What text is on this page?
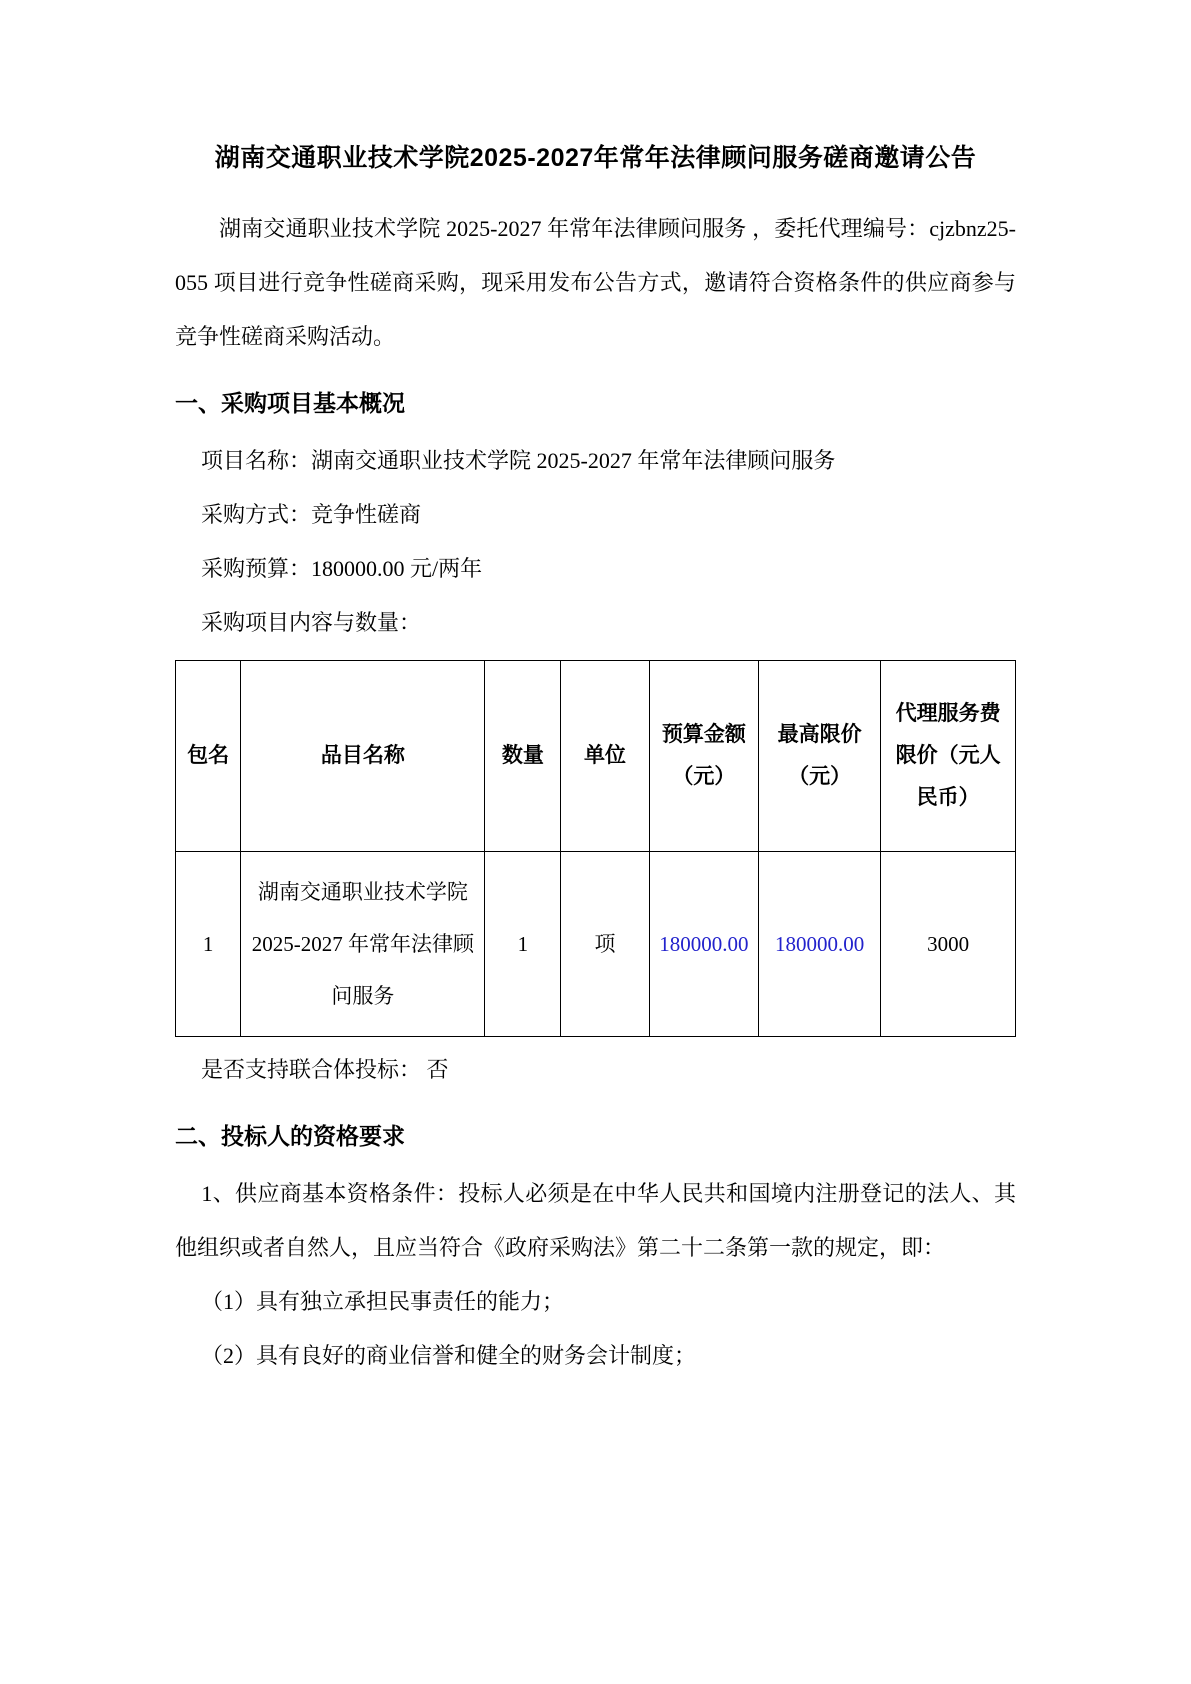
湖南交通职业技术学院2025-2027年常年法律顾问服务磋商邀请公告

湖南交通职业技术学院 2025-2027 年常年法律顾问服务 ，委托代理编号：cjzbnz25-055 项目进行竞争性磋商采购，现采用发布公告方式，邀请符合资格条件的供应商参与竞争性磋商采购活动。

一、采购项目基本概况

项目名称：湖南交通职业技术学院 2025-2027 年常年法律顾问服务

采购方式：竞争性磋商

采购预算：180000.00 元/两年

采购项目内容与数量：

包名	品目名称	数量	单位	预算金额（元）	最高限价（元）	代理服务费限价（元人民币）
1	湖南交通职业技术学院 2025-2027 年常年法律顾问服务	1	项	180000.00	180000.00	3000

是否支持联合体投标： 否

二、投标人的资格要求

1、供应商基本资格条件：投标人必须是在中华人民共和国境内注册登记的法人、其他组织或者自然人，且应当符合《政府采购法》第二十二条第一款的规定，即：

（1）具有独立承担民事责任的能力；

（2）具有良好的商业信誉和健全的财务会计制度；
